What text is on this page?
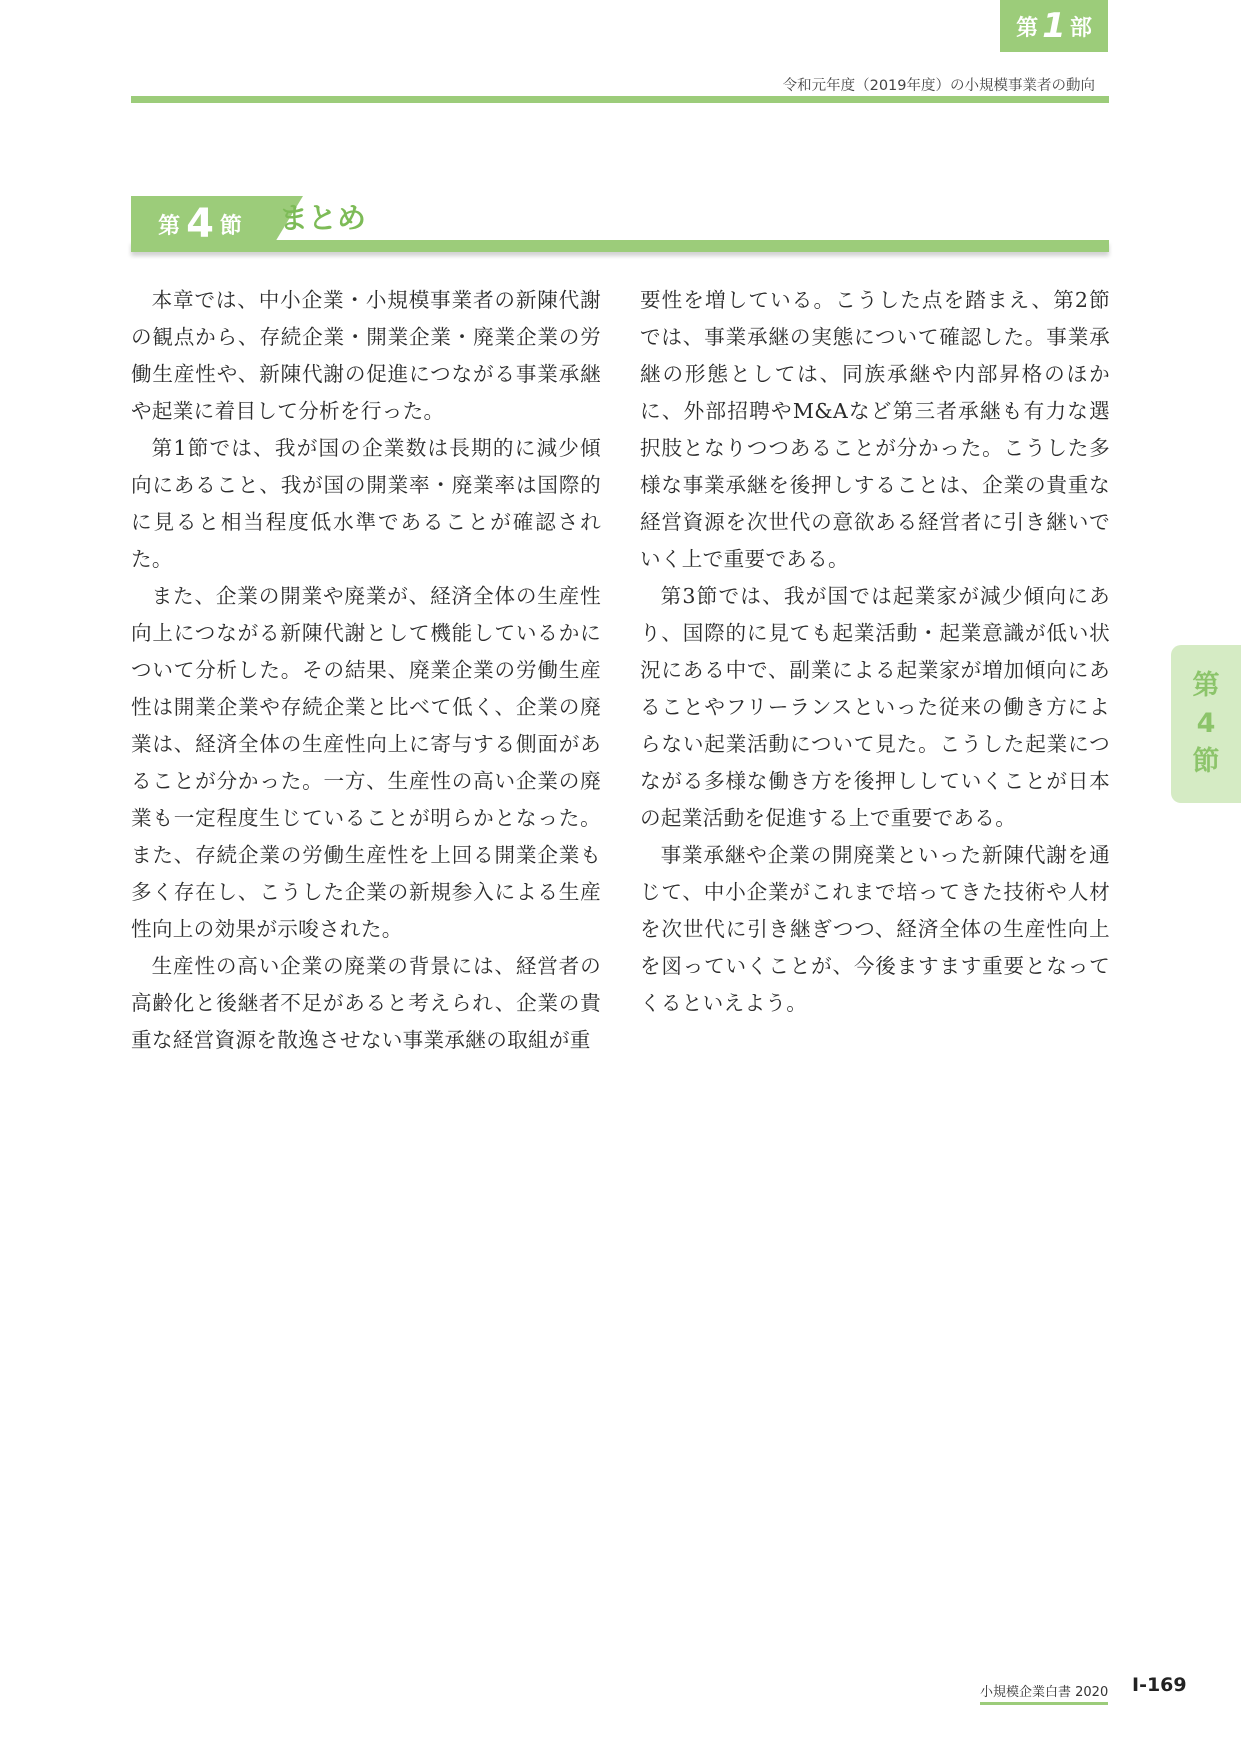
第 1 部
令和元年度（2019年度）の小規模事業者の動向
第 4 節 まとめ

本章では、中小企業・小規模事業者の新陳代謝の観点から、存続企業・開業企業・廃業企業の労働生産性や、新陳代謝の促進につながる事業承継や起業に着目して分析を行った。

第1節では、我が国の企業数は長期的に減少傾向にあること、我が国の開業率・廃業率は国際的に見ると相当程度低水準であることが確認された。

また、企業の開業や廃業が、経済全体の生産性向上につながる新陳代謝として機能しているかについて分析した。その結果、廃業企業の労働生産性は開業企業や存続企業と比べて低く、企業の廃業は、経済全体の生産性向上に寄与する側面があることが分かった。一方、生産性の高い企業の廃業も一定程度生じていることが明らかとなった。また、存続企業の労働生産性を上回る開業企業も多く存在し、こうした企業の新規参入による生産性向上の効果が示唆された。

生産性の高い企業の廃業の背景には、経営者の高齢化と後継者不足があると考えられ、企業の貴重な経営資源を散逸させない事業承継の取組が重

要性を増している。こうした点を踏まえ、第2節では、事業承継の実態について確認した。事業承継の形態としては、同族承継や内部昇格のほかに、外部招聘やM&Aなど第三者承継も有力な選択肢となりつつあることが分かった。こうした多様な事業承継を後押しすることは、企業の貴重な経営資源を次世代の意欲ある経営者に引き継いでいく上で重要である。

第3節では、我が国では起業家が減少傾向にあり、国際的に見ても起業活動・起業意識が低い状況にある中で、副業による起業家が増加傾向にあることやフリーランスといった従来の働き方によらない起業活動について見た。こうした起業につながる多様な働き方を後押ししていくことが日本の起業活動を促進する上で重要である。

事業承継や企業の開廃業といった新陳代謝を通じて、中小企業がこれまで培ってきた技術や人材を次世代に引き継ぎつつ、経済全体の生産性向上を図っていくことが、今後ますます重要となってくるといえよう。

第
4
節
小規模企業白書 2020 Ⅰ-169
